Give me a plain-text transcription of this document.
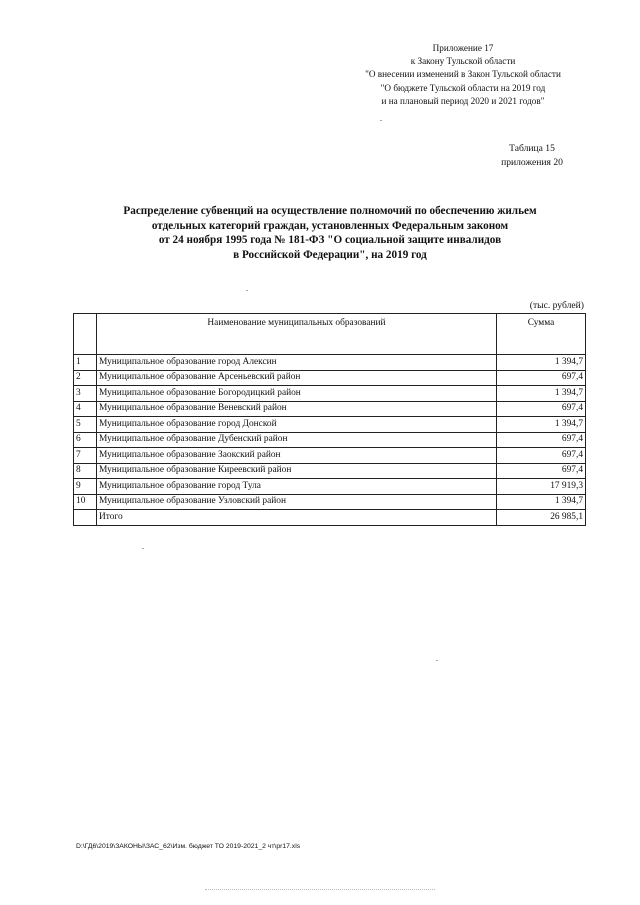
Приложение 17
к Закону Тульской области
"О внесении изменений в Закон Тульской области
"О бюджете Тульской области на 2019 год
и на плановый период 2020 и 2021 годов"
Таблица 15
приложения 20
Распределение субвенций на осуществление полномочий по обеспечению жильем
отдельных категорий граждан, установленных Федеральным законом
от 24 ноября 1995 года № 181-ФЗ "О социальной защите инвалидов
в Российской Федерации", на 2019 год
(тыс. рублей)
	Наименование муниципальных образований	Сумма
1	Муниципальное образование город Алексин	1 394,7
2	Муниципальное образование Арсеньевский район	697,4
3	Муниципальное образование Богородицкий район	1 394,7
4	Муниципальное образование Веневский район	697,4
5	Муниципальное образование город Донской	1 394,7
6	Муниципальное образование Дубенский район	697,4
7	Муниципальное образование Заокский район	697,4
8	Муниципальное образование Киреевский район	697,4
9	Муниципальное образование город Тула	17 919,3
10	Муниципальное образование Узловский район	1 394,7
	Итого	26 985,1
D:\ГД6\2019\ЗАКОНЫ\ЗАС_62\Изм. бюджет ТО 2019-2021_2 чт\pr17.xls
